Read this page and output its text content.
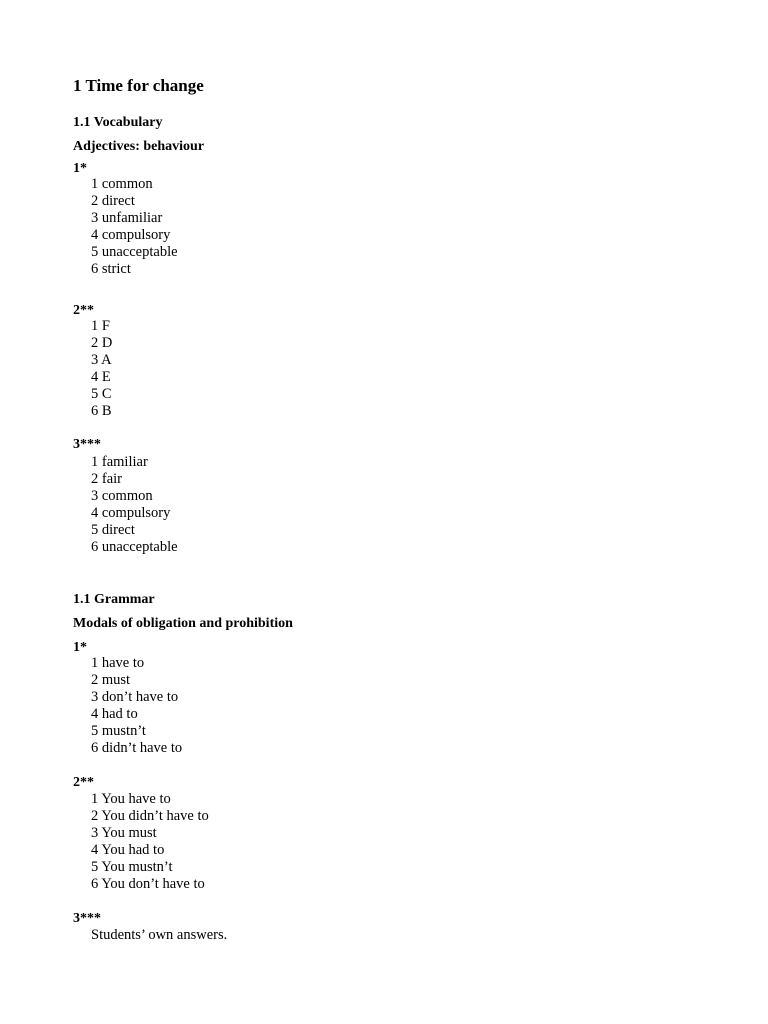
1 Time for change
1.1 Vocabulary
Adjectives: behaviour
1*
1 common
2 direct
3 unfamiliar
4 compulsory
5 unacceptable
6 strict
2**
1 F
2 D
3 A
4 E
5 C
6 B
3***
1 familiar
2 fair
3 common
4 compulsory
5 direct
6 unacceptable
1.1 Grammar
Modals of obligation and prohibition
1*
1 have to
2 must
3 don’t have to
4 had to
5 mustn’t
6 didn’t have to
2**
1 You have to
2 You didn’t have to
3 You must
4 You had to
5 You mustn’t
6 You don’t have to
3***
Students’ own answers.
